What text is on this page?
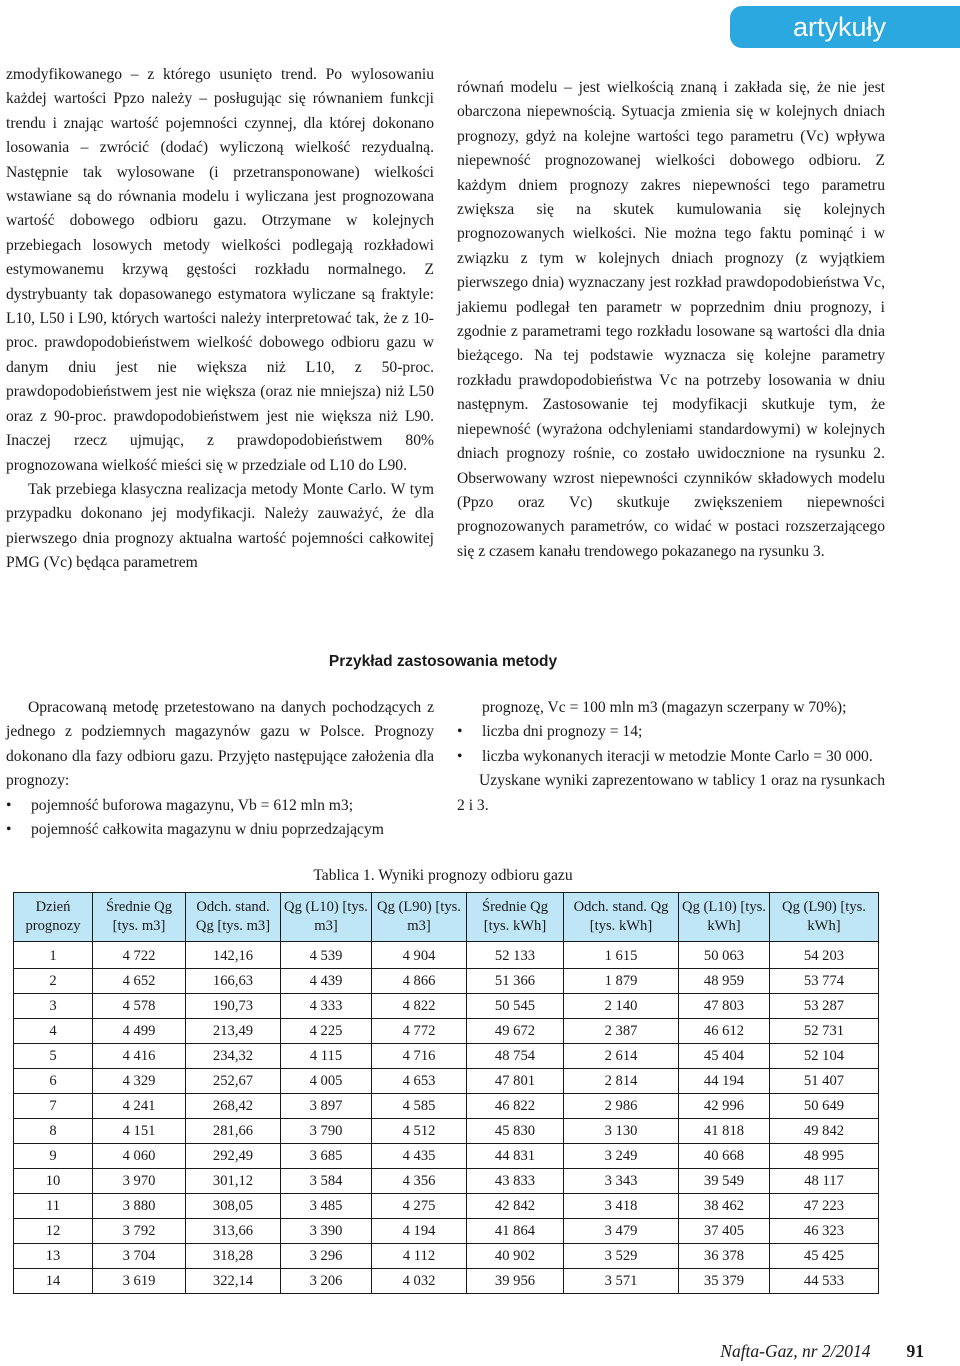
artykuły

zmodyfikowanego – z którego usunięto trend. Po wylosowaniu każdej wartości Ppzo należy – posługując się równaniem funkcji trendu i znając wartość pojemności czynnej, dla której dokonano losowania – zwrócić (dodać) wyliczoną wielkość rezydualną. Następnie tak wylosowane (i przetransponowane) wielkości wstawiane są do równania modelu i wyliczana jest prognozowana wartość dobowego odbioru gazu. Otrzymane w kolejnych przebiegach losowych metody wielkości podlegają rozkładowi estymowanemu krzywą gęstości rozkładu normalnego. Z dystrybuanty tak dopasowanego estymatora wyliczane są fraktyle: L10, L50 i L90, których wartości należy interpretować tak, że z 10-proc. prawdopodobieństwem wielkość dobowego odbioru gazu w danym dniu jest nie większa niż L10, z 50-proc. prawdopodobieństwem jest nie większa (oraz nie mniejsza) niż L50 oraz z 90-proc. prawdopodobieństwem jest nie większa niż L90. Inaczej rzecz ujmując, z prawdopodobieństwem 80% prognozowana wielkość mieści się w przedziale od L10 do L90.

Tak przebiega klasyczna realizacja metody Monte Carlo. W tym przypadku dokonano jej modyfikacji. Należy zauważyć, że dla pierwszego dnia prognozy aktualna wartość pojemności całkowitej PMG (Vc) będąca parametrem

równań modelu – jest wielkością znaną i zakłada się, że nie jest obarczona niepewnością. Sytuacja zmienia się w kolejnych dniach prognozy, gdyż na kolejne wartości tego parametru (Vc) wpływa niepewność prognozowanej wielkości dobowego odbioru. Z każdym dniem prognozy zakres niepewności tego parametru zwiększa się na skutek kumulowania się kolejnych prognozowanych wielkości. Nie można tego faktu pominąć i w związku z tym w kolejnych dniach prognozy (z wyjątkiem pierwszego dnia) wyznaczany jest rozkład prawdopodobieństwa Vc, jakiemu podlegał ten parametr w poprzednim dniu prognozy, i zgodnie z parametrami tego rozkładu losowane są wartości dla dnia bieżącego. Na tej podstawie wyznacza się kolejne parametry rozkładu prawdopodobieństwa Vc na potrzeby losowania w dniu następnym. Zastosowanie tej modyfikacji skutkuje tym, że niepewność (wyrażona odchyleniami standardowymi) w kolejnych dniach prognozy rośnie, co zostało uwidocznione na rysunku 2. Obserwowany wzrost niepewności czynników składowych modelu (Ppzo oraz Vc) skutkuje zwiększeniem niepewności prognozowanych parametrów, co widać w postaci rozszerzającego się z czasem kanału trendowego pokazanego na rysunku 3.

Przykład zastosowania metody

Opracowaną metodę przetestowano na danych pochodzących z jednego z podziemnych magazynów gazu w Polsce. Prognozy dokonano dla fazy odbioru gazu. Przyjęto następujące założenia dla prognozy:

• pojemność buforowa magazynu, Vb = 612 mln m3;
• pojemność całkowita magazynu w dniu poprzedzającym

prognozę, Vc = 100 mln m3 (magazyn sczerpany w 70%);

• liczba dni prognozy = 14;
• liczba wykonanych iteracji w metodzie Monte Carlo = 30 000.

Uzyskane wyniki zaprezentowano w tablicy 1 oraz na rysunkach 2 i 3.

Tablica 1. Wyniki prognozy odbioru gazu
Dzień prognozy	Średnie Qg [tys. m3]	Odch. stand. Qg [tys. m3]	Qg (L10) [tys. m3]	Qg (L90) [tys. m3]	Średnie Qg [tys. kWh]	Odch. stand. Qg [tys. kWh]	Qg (L10) [tys. kWh]	Qg (L90) [tys. kWh]
1	4 722	142,16	4 539	4 904	52 133	1 615	50 063	54 203
2	4 652	166,63	4 439	4 866	51 366	1 879	48 959	53 774
3	4 578	190,73	4 333	4 822	50 545	2 140	47 803	53 287
4	4 499	213,49	4 225	4 772	49 672	2 387	46 612	52 731
5	4 416	234,32	4 115	4 716	48 754	2 614	45 404	52 104
6	4 329	252,67	4 005	4 653	47 801	2 814	44 194	51 407
7	4 241	268,42	3 897	4 585	46 822	2 986	42 996	50 649
8	4 151	281,66	3 790	4 512	45 830	3 130	41 818	49 842
9	4 060	292,49	3 685	4 435	44 831	3 249	40 668	48 995
10	3 970	301,12	3 584	4 356	43 833	3 343	39 549	48 117
11	3 880	308,05	3 485	4 275	42 842	3 418	38 462	47 223
12	3 792	313,66	3 390	4 194	41 864	3 479	37 405	46 323
13	3 704	318,28	3 296	4 112	40 902	3 529	36 378	45 425
14	3 619	322,14	3 206	4 032	39 956	3 571	35 379	44 533
Nafta-Gaz, nr 2/2014 91
